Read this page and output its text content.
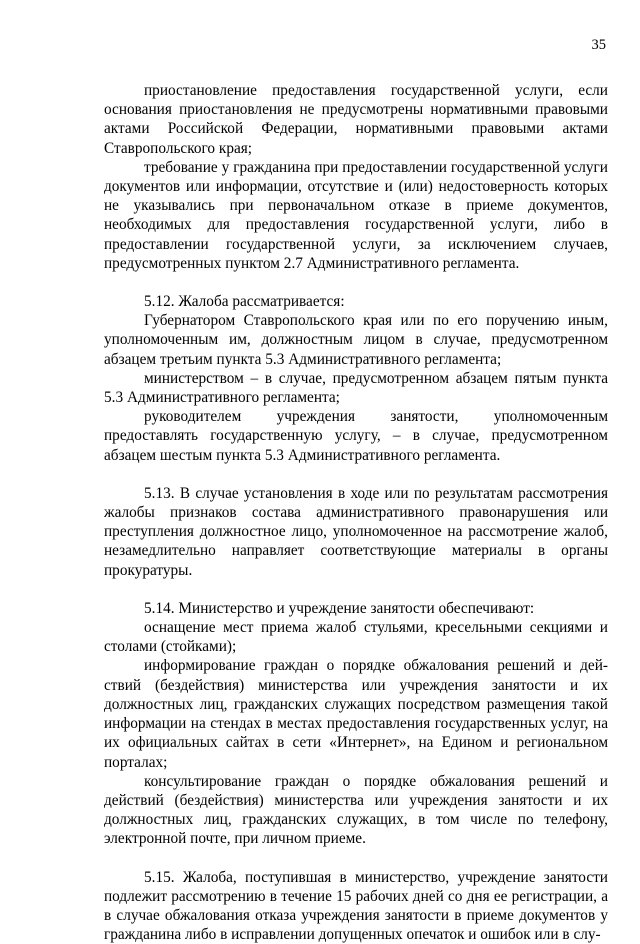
35

приостановление предоставления государственной услуги, если основания приостановления не предусмотрены нормативными правовыми актами Российской Федерации, нормативными правовыми актами Ставропольского края;

требование у гражданина при предоставлении государственной услуги документов или информации, отсутствие и (или) недостоверность которых не указывались при первоначальном отказе в приеме документов, необходимых для предоставления государственной услуги, либо в предоставлении государственной услуги, за исключением случаев, предусмотренных пунктом 2.7 Административного регламента.

5.12. Жалоба рассматривается:

Губернатором Ставропольского края или по его поручению иным, уполномоченным им, должностным лицом в случае, предусмотренном абзацем третьим пункта 5.3 Административного регламента;

министерством – в случае, предусмотренном абзацем пятым пункта 5.3 Административного регламента;

руководителем учреждения занятости, уполномоченным предоставлять государственную услугу, – в случае, предусмотренном абзацем шестым пункта 5.3 Административного регламента.

5.13. В случае установления в ходе или по результатам рассмотрения жалобы признаков состава административного правонарушения или преступления должностное лицо, уполномоченное на рассмотрение жалоб, незамедлительно направляет соответствующие материалы в органы прокуратуры.

5.14. Министерство и учреждение занятости обеспечивают:

оснащение мест приема жалоб стульями, кресельными секциями и столами (стойками);

информирование граждан о порядке обжалования решений и дей-ствий (бездействия) министерства или учреждения занятости и их должностных лиц, гражданских служащих посредством размещения такой информации на стендах в местах предоставления государственных услуг, на их официальных сайтах в сети «Интернет», на Едином и региональном порталах;

консультирование граждан о порядке обжалования решений и действий (бездействия) министерства или учреждения занятости и их должностных лиц, гражданских служащих, в том числе по телефону, электронной почте, при личном приеме.

5.15. Жалоба, поступившая в министерство, учреждение занятости подлежит рассмотрению в течение 15 рабочих дней со дня ее регистрации, а в случае обжалования отказа учреждения занятости в приеме документов у гражданина либо в исправлении допущенных опечаток и ошибок или в слу-
